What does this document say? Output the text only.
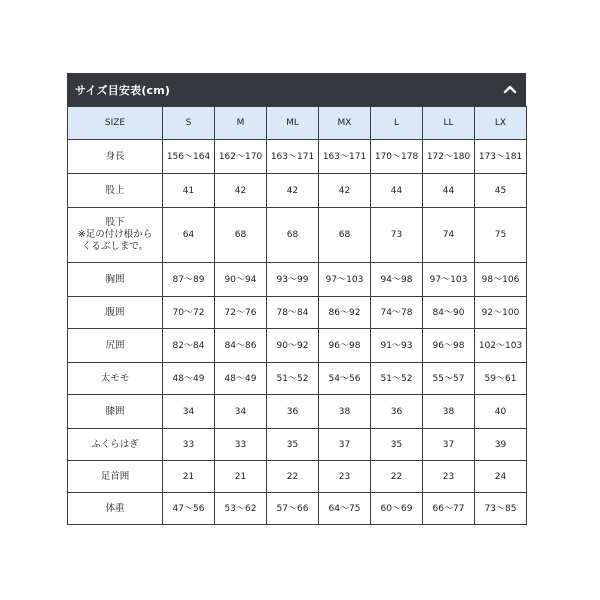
サイズ目安表(cm)
SIZE	S	M	ML	MX	L	LL	LX
身長	156〜164	162〜170	163〜171	163〜171	170〜178	172〜180	173〜181
股上	41	42	42	42	44	44	45

股下
※足の付け根から
くるぶしまで。	64	68	68	68	73	74	75
胸囲	87〜89	90〜94	93〜99	97〜103	94〜98	97〜103	98〜106
腹囲	70〜72	72〜76	78〜84	86〜92	74〜78	84〜90	92〜100
尻囲	82〜84	84〜86	90〜92	96〜98	91〜93	96〜98	102〜103
太モモ	48〜49	48〜49	51〜52	54〜56	51〜52	55〜57	59〜61
膝囲	34	34	36	38	36	38	40
ふくらはぎ	33	33	35	37	35	37	39
足首囲	21	21	22	23	22	23	24
体重	47〜56	53〜62	57〜66	64〜75	60〜69	66〜77	73〜85
